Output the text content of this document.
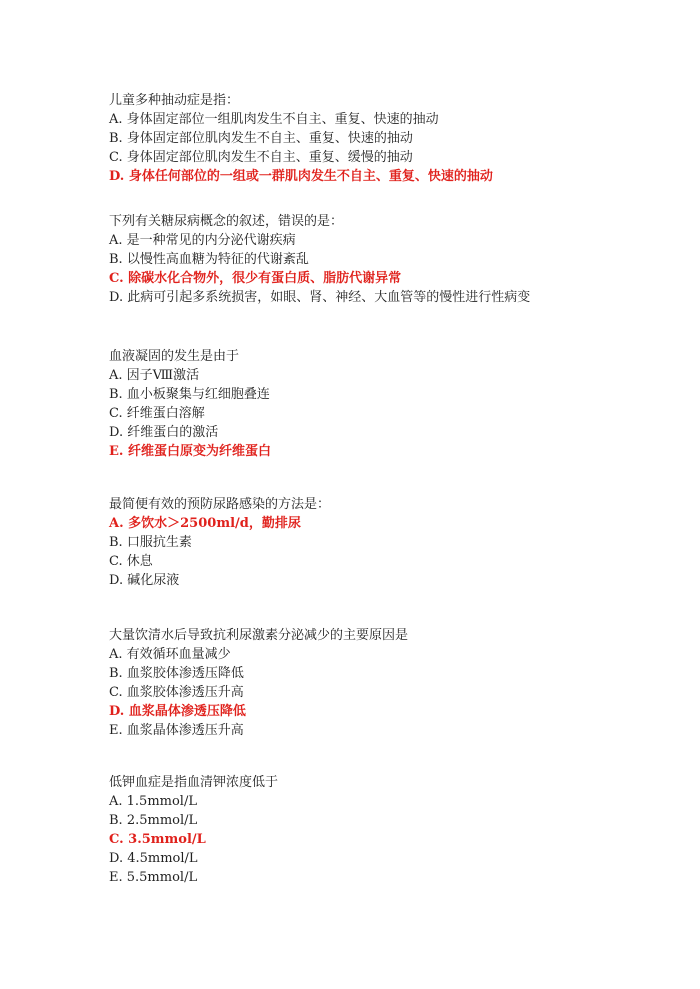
儿童多种抽动症是指：

A. 身体固定部位一组肌肉发生不自主、重复、快速的抽动

B. 身体固定部位肌肉发生不自主、重复、快速的抽动

C. 身体固定部位肌肉发生不自主、重复、缓慢的抽动

D. 身体任何部位的一组或一群肌肉发生不自主、重复、快速的抽动

下列有关糖尿病概念的叙述，错误的是：

A. 是一种常见的内分泌代谢疾病

B. 以慢性高血糖为特征的代谢紊乱

C. 除碳水化合物外，很少有蛋白质、脂肪代谢异常

D. 此病可引起多系统损害，如眼、肾、神经、大血管等的慢性进行性病变

血液凝固的发生是由于

A. 因子Ⅷ激活

B. 血小板聚集与红细胞叠连

C. 纤维蛋白溶解

D. 纤维蛋白的激活

E. 纤维蛋白原变为纤维蛋白

最简便有效的预防尿路感染的方法是：

A. 多饮水＞2500ml/d，勤排尿

B. 口服抗生素

C. 休息

D. 碱化尿液

大量饮清水后导致抗利尿激素分泌减少的主要原因是

A. 有效循环血量减少

B. 血浆胶体渗透压降低

C. 血浆胶体渗透压升高

D. 血浆晶体渗透压降低

E. 血浆晶体渗透压升高

低钾血症是指血清钾浓度低于

A. 1.5mmol/L

B. 2.5mmol/L

C. 3.5mmol/L

D. 4.5mmol/L

E. 5.5mmol/L
